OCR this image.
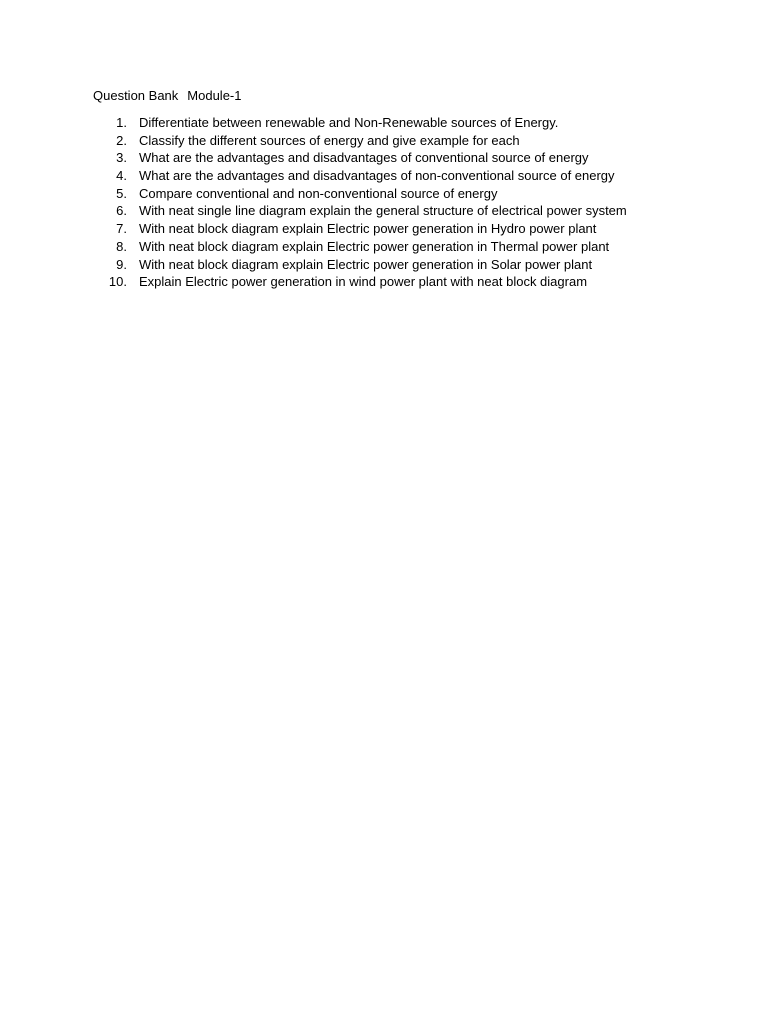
Question Bank Module-1
1. Differentiate between renewable and Non-Renewable sources of Energy.
2. Classify the different sources of energy and give example for each
3. What are the advantages and disadvantages of conventional source of energy
4. What are the advantages and disadvantages of non-conventional source of energy
5. Compare conventional and non-conventional source of energy
6. With neat single line diagram explain the general structure of electrical power system
7. With neat block diagram explain Electric power generation in Hydro power plant
8. With neat block diagram explain Electric power generation in Thermal power plant
9. With neat block diagram explain Electric power generation in Solar power plant
10. Explain Electric power generation in wind power plant with neat block diagram
